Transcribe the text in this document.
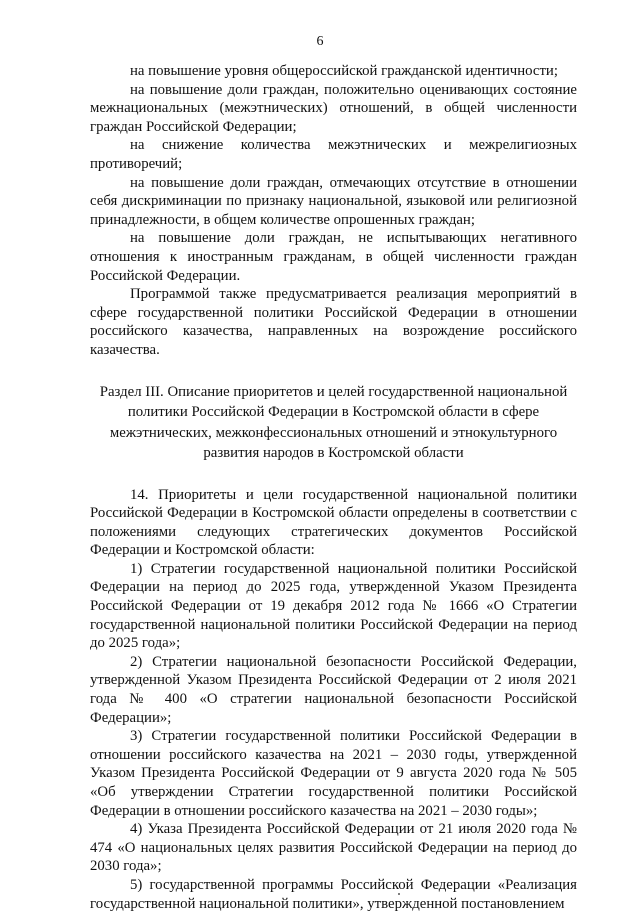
6

на повышение уровня общероссийской гражданской идентичности;

на повышение доли граждан, положительно оценивающих состояние межнациональных (межэтнических) отношений, в общей численности граждан Российской Федерации;

на снижение количества межэтнических и межрелигиозных противоречий;

на повышение доли граждан, отмечающих отсутствие в отношении себя дискриминации по признаку национальной, языковой или религиозной принадлежности, в общем количестве опрошенных граждан;

на повышение доли граждан, не испытывающих негативного отношения к иностранным гражданам, в общей численности граждан Российской Федерации.

Программой также предусматривается реализация мероприятий в сфере государственной политики Российской Федерации в отношении российского казачества, направленных на возрождение российского казачества.

Раздел III. Описание приоритетов и целей государственной национальной политики Российской Федерации в Костромской области в сфере межэтнических, межконфессиональных отношений и этнокультурного развития народов в Костромской области

14. Приоритеты и цели государственной национальной политики Российской Федерации в Костромской области определены в соответствии с положениями следующих стратегических документов Российской Федерации и Костромской области:

1) Стратегии государственной национальной политики Российской Федерации на период до 2025 года, утвержденной Указом Президента Российской Федерации от 19 декабря 2012 года № 1666 «О Стратегии государственной национальной политики Российской Федерации на период до 2025 года»;

2) Стратегии национальной безопасности Российской Федерации, утвержденной Указом Президента Российской Федерации от 2 июля 2021 года № 400 «О стратегии национальной безопасности Российской Федерации»;

3) Стратегии государственной политики Российской Федерации в отношении российского казачества на 2021 – 2030 годы, утвержденной Указом Президента Российской Федерации от 9 августа 2020 года № 505 «Об утверждении Стратегии государственной политики Российской Федерации в отношении российского казачества на 2021 – 2030 годы»;

4) Указа Президента Российской Федерации от 21 июля 2020 года № 474 «О национальных целях развития Российской Федерации на период до 2030 года»;

5) государственной программы Российской Федерации «Реализация государственной национальной политики», утвержденной постановлением
